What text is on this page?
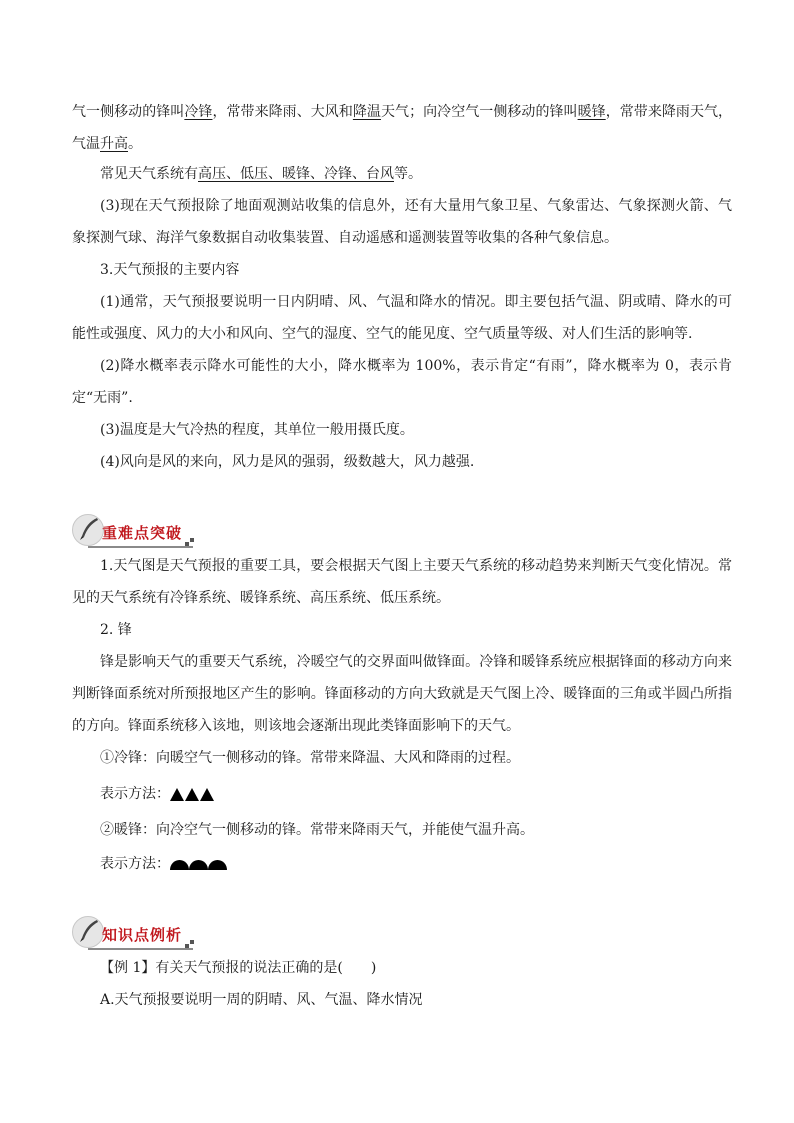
气一侧移动的锋叫冷锋，常带来降雨、大风和降温天气；向冷空气一侧移动的锋叫暖锋，常带来降雨天气，气温升高。

常见天气系统有高压、低压、暖锋、冷锋、台风等。

(3)现在天气预报除了地面观测站收集的信息外，还有大量用气象卫星、气象雷达、气象探测火箭、气象探测气球、海洋气象数据自动收集装置、自动遥感和遥测装置等收集的各种气象信息。

3.天气预报的主要内容

(1)通常，天气预报要说明一日内阴晴、风、气温和降水的情况。即主要包括气温、阴或晴、降水的可能性或强度、风力的大小和风向、空气的湿度、空气的能见度、空气质量等级、对人们生活的影响等.

(2)降水概率表示降水可能性的大小，降水概率为 100%，表示肯定“有雨”，降水概率为 0，表示肯定“无雨”.

(3)温度是大气冷热的程度，其单位一般用摄氏度。

(4)风向是风的来向，风力是风的强弱，级数越大，风力越强.

重难点突破

1.天气图是天气预报的重要工具，要会根据天气图上主要天气系统的移动趋势来判断天气变化情况。常见的天气系统有冷锋系统、暖锋系统、高压系统、低压系统。

2. 锋

锋是影响天气的重要天气系统，冷暖空气的交界面叫做锋面。冷锋和暖锋系统应根据锋面的移动方向来判断锋面系统对所预报地区产生的影响。锋面移动的方向大致就是天气图上冷、暖锋面的三角或半圆凸所指的方向。锋面系统移入该地，则该地会逐渐出现此类锋面影响下的天气。

①冷锋：向暖空气一侧移动的锋。常带来降温、大风和降雨的过程。

表示方法：

②暖锋：向冷空气一侧移动的锋。常带来降雨天气，并能使气温升高。

表示方法：
知识点例析

【例 1】有关天气预报的说法正确的是(　　)

A.天气预报要说明一周的阴晴、风、气温、降水情况
